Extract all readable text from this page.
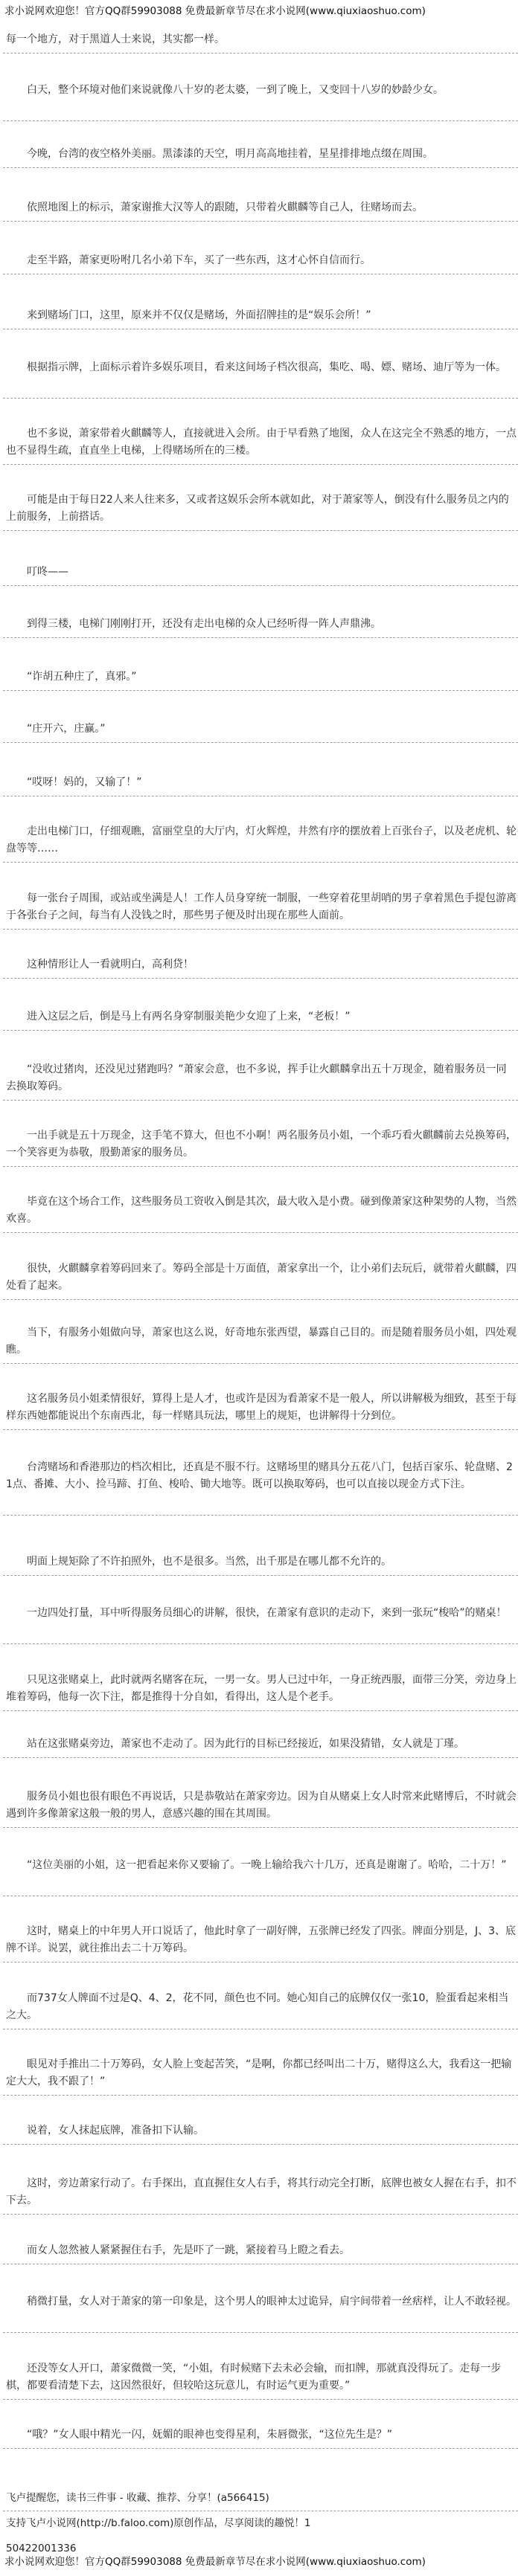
求小说网欢迎您！官方QQ群59903088 免费最新章节尽在求小说网(www.qiuxiaoshuo.com)
每一个地方，对于黑道人士来说，其实都一样。
白天，整个环境对他们来说就像八十岁的老太婆，一到了晚上，又变回十八岁的妙龄少女。
今晚，台湾的夜空格外美丽。黑漆漆的天空，明月高高地挂着，星星排排地点缀在周围。
依照地图上的标示，萧家谢推大汉等人的跟随，只带着火麒麟等自己人，往赌场而去。
走至半路，萧家更吩咐几名小弟下车，买了一些东西，这才心怀自信而行。
来到赌场门口，这里，原来并不仅仅是赌场，外面招牌挂的是“娱乐会所！”
根据指示牌，上面标示着许多娱乐项目，看来这间场子档次很高，集吃、喝、嫖、赌场、迪厅等为一体。
也不多说，萧家带着火麒麟等人，直接就进入会所。由于早看熟了地图，众人在这完全不熟悉的地方，一点也不显得生疏，直直坐上电梯，上得赌场所在的三楼。
可能是由于每日22人来人往来多，又或者这娱乐会所本就如此，对于萧家等人，倒没有什么服务员之内的上前服务，上前搭话。
叮咚——
到得三楼，电梯门刚刚打开，还没有走出电梯的众人已经听得一阵人声鼎沸。
“诈胡五种庄了，真邪。”
“庄开六，庄赢。”
“哎呀！妈的，又输了！”
走出电梯门口，仔细观瞧，富丽堂皇的大厅内，灯火辉煌，井然有序的摆放着上百张台子，以及老虎机、轮盘等等……
每一张台子周围，或站或坐满是人！工作人员身穿统一制服，一些穿着花里胡哨的男子拿着黑色手提包游离于各张台子之间，每当有人没钱之时，那些男子便及时出现在那些人面前。
这种情形让人一看就明白，高利贷！
进入这层之后，倒是马上有两名身穿制服美艳少女迎了上来，“老板！”
“没收过猪肉，还没见过猪跑吗？”萧家会意，也不多说，挥手让火麒麟拿出五十万现金，随着服务员一同去换取筹码。
一出手就是五十万现金，这手笔不算大，但也不小啊！两名服务员小姐，一个乖巧看火麒麟前去兑换筹码，一个笑容更为恭敬，殷勤萧家的服务员。
毕竟在这个场合工作，这些服务员工资收入倒是其次，最大收入是小费。碰到像萧家这种架势的人物，当然欢喜。
很快，火麒麟拿着筹码回来了。筹码全部是十万面值，萧家拿出一个，让小弟们去玩后，就带着火麒麟，四处看了起来。
当下，有服务小姐做向导，萧家也这么说，好奇地东张西望，暴露自己目的。而是随着服务员小姐，四处观瞧。
这名服务员小姐柔情很好，算得上是人才，也或许是因为看萧家不是一般人，所以讲解极为细致，甚至于每样东西她都能说出个东南西北，每一样赌具玩法，哪里上的规矩，也讲解得十分到位。
台湾赌场和香港那边的档次相比，还真是不服不行。这赌场里的赌具分五花八门，包括百家乐、轮盘赌、21点、番摊、大小、捡马蹄、打鱼、梭哈、锄大地等。既可以换取筹码，也可以直接以现金方式下注。
明面上规矩除了不许拍照外，也不是很多。当然，出千那是在哪儿都不允许的。
一边四处打量，耳中听得服务员细心的讲解，很快，在萧家有意识的走动下，来到一张玩“梭哈”的赌桌！
只见这张赌桌上，此时就两名赌客在玩，一男一女。男人已过中年，一身正统西服，面带三分笑，旁边身上堆着筹码，他每一次下注，都是推得十分自如，看得出，这人是个老手。
站在这张赌桌旁边，萧家也不走动了。因为此行的目标已经接近，如果没猜错，女人就是丁瑾。
服务员小姐也很有眼色不再说话，只是恭敬站在萧家旁边。因为自从赌桌上女人时常来此赌博后，不时就会遇到许多像萧家这般一般的男人，意感兴趣的围在其周围。
“这位美丽的小姐，这一把看起来你又要输了。一晚上输给我六十几万，还真是谢谢了。哈哈，二十万！”
这时，赌桌上的中年男人开口说话了，他此时拿了一副好牌，五张牌已经发了四张。牌面分别是，J、3、底牌不详。说罢，就往推出去二十万筹码。
而737女人牌面不过是Q、4、2，花不同，颜色也不同。她心知自己的底牌仅仅一张10，脸蛋看起来相当之大。
眼见对手推出二十万筹码，女人脸上变起苦笑，“是啊，你都已经叫出二十万，赌得这么大，我看这一把输定大大，我不跟了！”
说着，女人抹起底牌，准备扣下认输。
这时，旁边萧家行动了。右手探出，直直握住女人右手，将其行动完全打断，底牌也被女人握在右手，扣不下去。
而女人忽然被人紧紧握住右手，先是吓了一跳，紧接着马上瞪之看去。
稍微打量，女人对于萧家的第一印象是，这个男人的眼神太过诡异，肩宇间带着一丝痞样，让人不敢轻视。
还没等女人开口，萧家微微一笑，“小姐，有时候赌下去未必会输，而扣牌，那就真没得玩了。走每一步棋，都要看清楚下去，这因然很好，但较哈这玩意儿，有时运气更为重要。”
“哦？”女人眼中精光一闪，妩媚的眼神也变得星利，朱唇微张，“这位先生是？”
飞卢提醒您，读书三件事 - 收藏、推荐、分享！(a566415)
支持飞卢小说网(http://b.faloo.com)原创作品，尽享阅读的趣悦！1
50422001336
求小说网欢迎您！官方QQ群59903088 免费最新章节尽在求小说网(www.qiuxiaoshuo.com)
